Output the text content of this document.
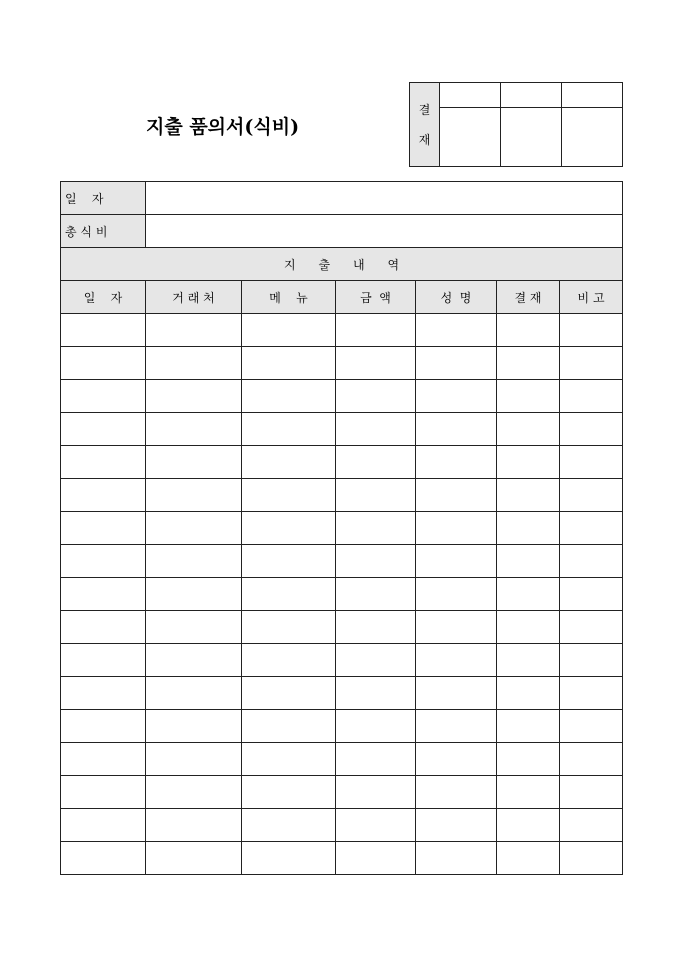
지출 품의서(식비)
결
재			

일    자						
총 식 비						
지      출      내      역						
일    자	거 래 처	메    뉴	금  액	성  명	결 재	비 고
